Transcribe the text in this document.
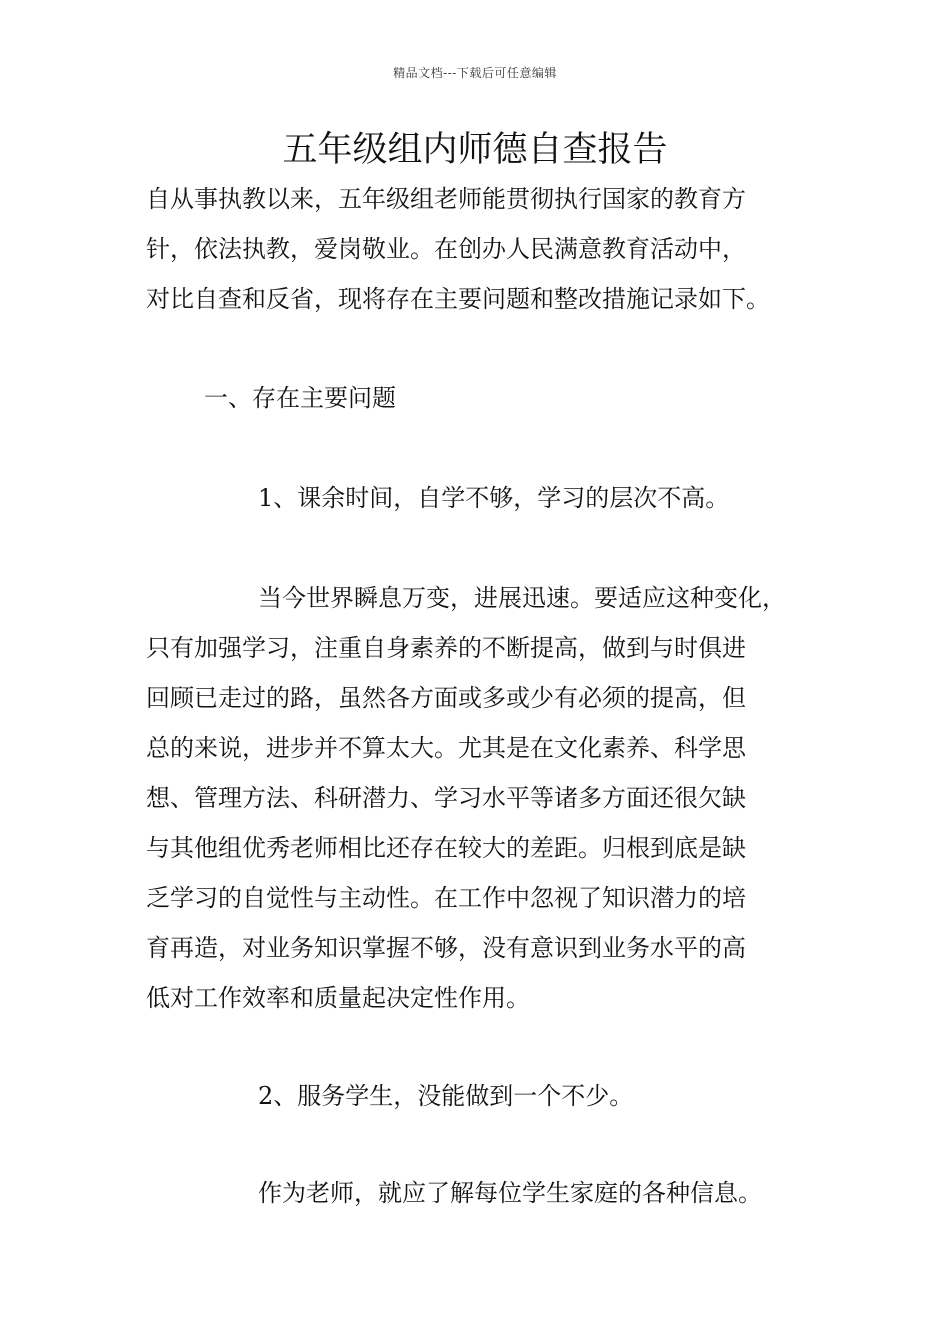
精品文档---下载后可任意编辑
五年级组内师德自查报告
自从事执教以来，五年级组老师能贯彻执行国家的教育方
针，依法执教，爱岗敬业。在创办人民满意教育活动中，
对比自查和反省，现将存在主要问题和整改措施记录如下。
一、存在主要问题
1、课余时间，自学不够，学习的层次不高。
当今世界瞬息万变，进展迅速。要适应这种变化，
只有加强学习，注重自身素养的不断提高，做到与时俱进
回顾已走过的路，虽然各方面或多或少有必须的提高，但
总的来说，进步并不算太大。尤其是在文化素养、科学思
想、管理方法、科研潜力、学习水平等诸多方面还很欠缺
与其他组优秀老师相比还存在较大的差距。归根到底是缺
乏学习的自觉性与主动性。在工作中忽视了知识潜力的培
育再造，对业务知识掌握不够，没有意识到业务水平的高
低对工作效率和质量起决定性作用。
2、服务学生，没能做到一个不少。
作为老师，就应了解每位学生家庭的各种信息。
